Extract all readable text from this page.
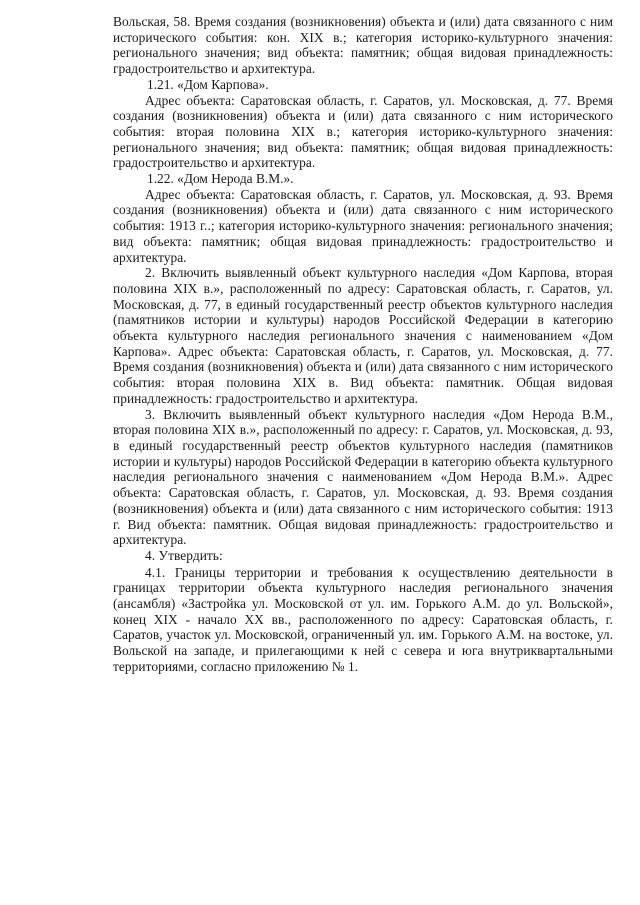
Вольская, 58. Время создания (возникновения) объекта и (или) дата связанного с ним исторического события: кон. XIX в.; категория историко-культурного значения: регионального значения; вид объекта: памятник; общая видовая принадлежность: градостроительство и архитектура.

1.21. «Дом Карпова».

Адрес объекта: Саратовская область, г. Саратов, ул. Московская, д. 77. Время создания (возникновения) объекта и (или) дата связанного с ним исторического события: вторая половина XIX в.; категория историко-культурного значения: регионального значения; вид объекта: памятник; общая видовая принадлежность: градостроительство и архитектура.

1.22. «Дом Нерода В.М.».

Адрес объекта: Саратовская область, г. Саратов, ул. Московская, д. 93. Время создания (возникновения) объекта и (или) дата связанного с ним исторического события: 1913 г..; категория историко-культурного значения: регионального значения; вид объекта: памятник; общая видовая принадлежность: градостроительство и архитектура.

2. Включить выявленный объект культурного наследия «Дом Карпова, вторая половина XIX в.», расположенный по адресу: Саратовская область, г. Саратов, ул. Московская, д. 77, в единый государственный реестр объектов культурного наследия (памятников истории и культуры) народов Российской Федерации в категорию объекта культурного наследия регионального значения с наименованием «Дом Карпова». Адрес объекта: Саратовская область, г. Саратов, ул. Московская, д. 77. Время создания (возникновения) объекта и (или) дата связанного с ним исторического события: вторая половина XIX в. Вид объекта: памятник. Общая видовая принадлежность: градостроительство и архитектура.

3. Включить выявленный объект культурного наследия «Дом Нерода В.М., вторая половина XIX в.», расположенный по адресу: г. Саратов, ул. Московская, д. 93, в единый государственный реестр объектов культурного наследия (памятников истории и культуры) народов Российской Федерации в категорию объекта культурного наследия регионального значения с наименованием «Дом Нерода В.М.». Адрес объекта: Саратовская область, г. Саратов, ул. Московская, д. 93. Время создания (возникновения) объекта и (или) дата связанного с ним исторического события: 1913 г. Вид объекта: памятник. Общая видовая принадлежность: градостроительство и архитектура.

4. Утвердить:

4.1. Границы территории и требования к осуществлению деятельности в границах территории объекта культурного наследия регионального значения (ансамбля) «Застройка ул. Московской от ул. им. Горького А.М. до ул. Вольской», конец XIX - начало XX вв., расположенного по адресу: Саратовская область, г. Саратов, участок ул. Московской, ограниченный ул. им. Горького А.М. на востоке, ул. Вольской на западе, и прилегающими к ней с севера и юга внутриквартальными территориями, согласно приложению № 1.
